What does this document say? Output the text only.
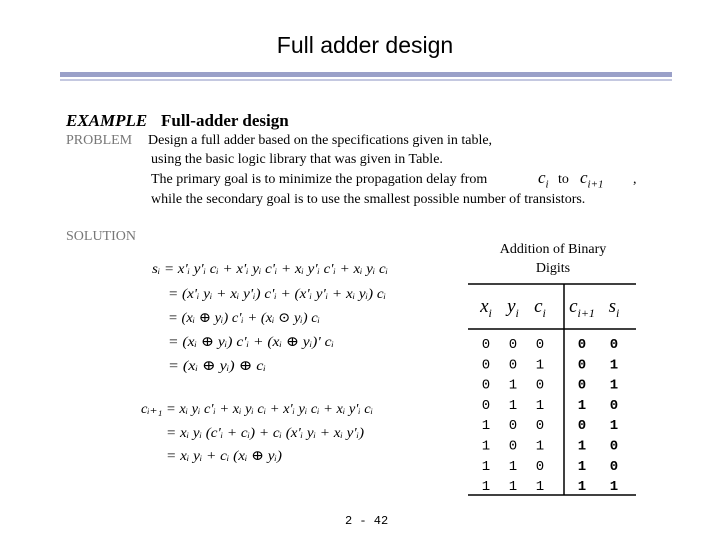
Full adder design
EXAMPLE Full-adder design
PROBLEM Design a full adder based on the specifications given in table,
using the basic logic library that was given in Table.
The primary goal is to minimize the propagation delay from	$c_i$ to $c_{i+1}$ ,
while the secondary goal is to use the smallest possible number of transistors.
SOLUTION
sᵢ = x'ᵢ y'ᵢ cᵢ + x'ᵢ yᵢ c'ᵢ + xᵢ y'ᵢ c'ᵢ + xᵢ yᵢ cᵢ
= (x'ᵢ yᵢ + xᵢ y'ᵢ) c'ᵢ + (x'ᵢ y'ᵢ + xᵢ yᵢ) cᵢ
= (xᵢ ⊕ yᵢ) c'ᵢ + (xᵢ ⊙ yᵢ) cᵢ
= (xᵢ ⊕ yᵢ) c'ᵢ + (xᵢ ⊕ yᵢ)' cᵢ
= (xᵢ ⊕ yᵢ) ⊕ cᵢ
cᵢ₊₁ = xᵢ yᵢ c'ᵢ + xᵢ yᵢ cᵢ + x'ᵢ yᵢ cᵢ + xᵢ y'ᵢ cᵢ
= xᵢ yᵢ (c'ᵢ + cᵢ) + cᵢ (x'ᵢ yᵢ + xᵢ y'ᵢ)
= xᵢ yᵢ + cᵢ (xᵢ ⊕ yᵢ)
Addition of Binary
Digits
$x_i$ $y_i$ $c_i$ $c_{i+1}$ $s_i$
0 0 0 0 0
0 0 1 0 1
0 1 0 0 1
0 1 1 1 0
1 0 0 0 1
1 0 1 1 0
1 1 0 1 0
1 1 1 1 1
2 - 42
